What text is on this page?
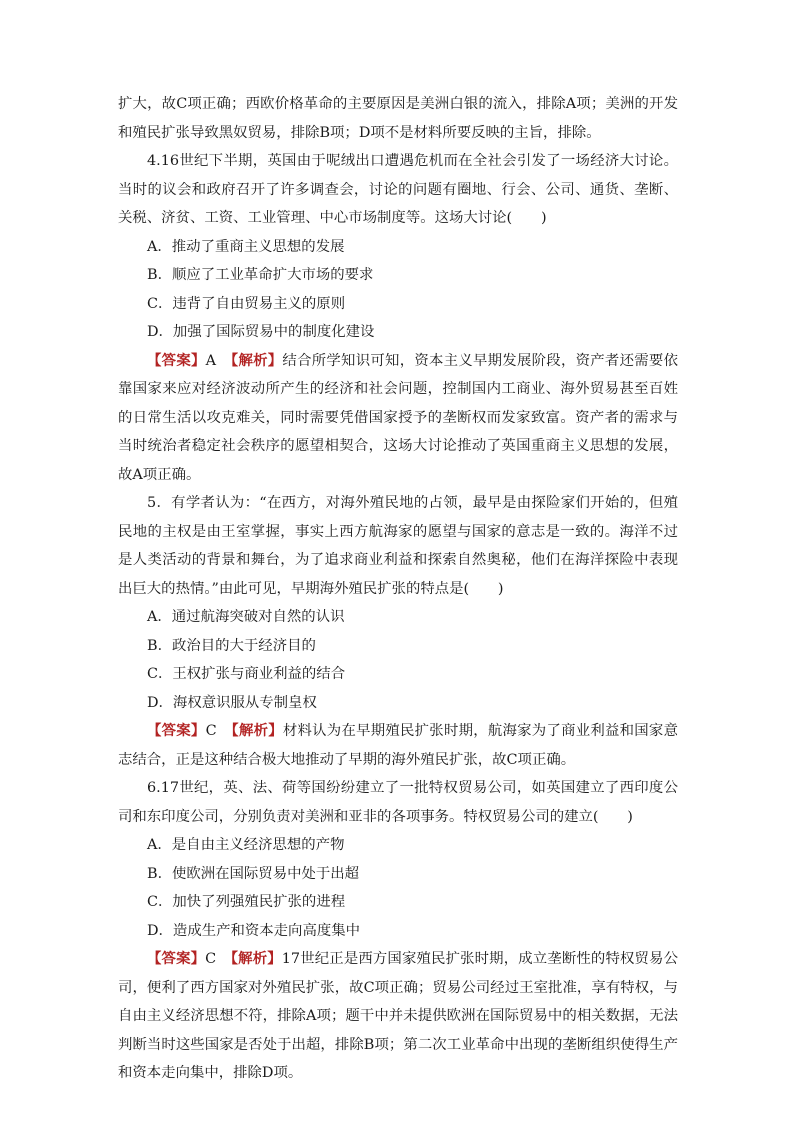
扩大，故C项正确；西欧价格革命的主要原因是美洲白银的流入，排除A项；美洲的开发和殖民扩张导致黑奴贸易，排除B项；D项不是材料所要反映的主旨，排除。

4.16世纪下半期，英国由于呢绒出口遭遇危机而在全社会引发了一场经济大讨论。当时的议会和政府召开了许多调查会，讨论的问题有圈地、行会、公司、通货、垄断、关税、济贫、工资、工业管理、中心市场制度等。这场大讨论(　　)

A．推动了重商主义思想的发展

B．顺应了工业革命扩大市场的要求

C．违背了自由贸易主义的原则

D．加强了国际贸易中的制度化建设

【答案】A　 【解析】结合所学知识可知，资本主义早期发展阶段，资产者还需要依靠国家来应对经济波动所产生的经济和社会问题，控制国内工商业、海外贸易甚至百姓的日常生活以攻克难关，同时需要凭借国家授予的垄断权而发家致富。资产者的需求与当时统治者稳定社会秩序的愿望相契合，这场大讨论推动了英国重商主义思想的发展，故A项正确。

5．有学者认为：“在西方，对海外殖民地的占领，最早是由探险家们开始的，但殖民地的主权是由王室掌握，事实上西方航海家的愿望与国家的意志是一致的。海洋不过是人类活动的背景和舞台，为了追求商业利益和探索自然奥秘，他们在海洋探险中表现出巨大的热情。”由此可见，早期海外殖民扩张的特点是(　　)

A．通过航海突破对自然的认识

B．政治目的大于经济目的

C．王权扩张与商业利益的结合

D．海权意识服从专制皇权

【答案】C　 【解析】材料认为在早期殖民扩张时期，航海家为了商业利益和国家意志结合，正是这种结合极大地推动了早期的海外殖民扩张，故C项正确。

6.17世纪，英、法、荷等国纷纷建立了一批特权贸易公司，如英国建立了西印度公司和东印度公司，分别负责对美洲和亚非的各项事务。特权贸易公司的建立(　　)

A．是自由主义经济思想的产物

B．使欧洲在国际贸易中处于出超

C．加快了列强殖民扩张的进程

D．造成生产和资本走向高度集中

【答案】C　 【解析】17世纪正是西方国家殖民扩张时期，成立垄断性的特权贸易公司，便利了西方国家对外殖民扩张，故C项正确；贸易公司经过王室批准，享有特权，与自由主义经济思想不符，排除A项；题干中并未提供欧洲在国际贸易中的相关数据，无法判断当时这些国家是否处于出超，排除B项；第二次工业革命中出现的垄断组织使得生产和资本走向集中，排除D项。
